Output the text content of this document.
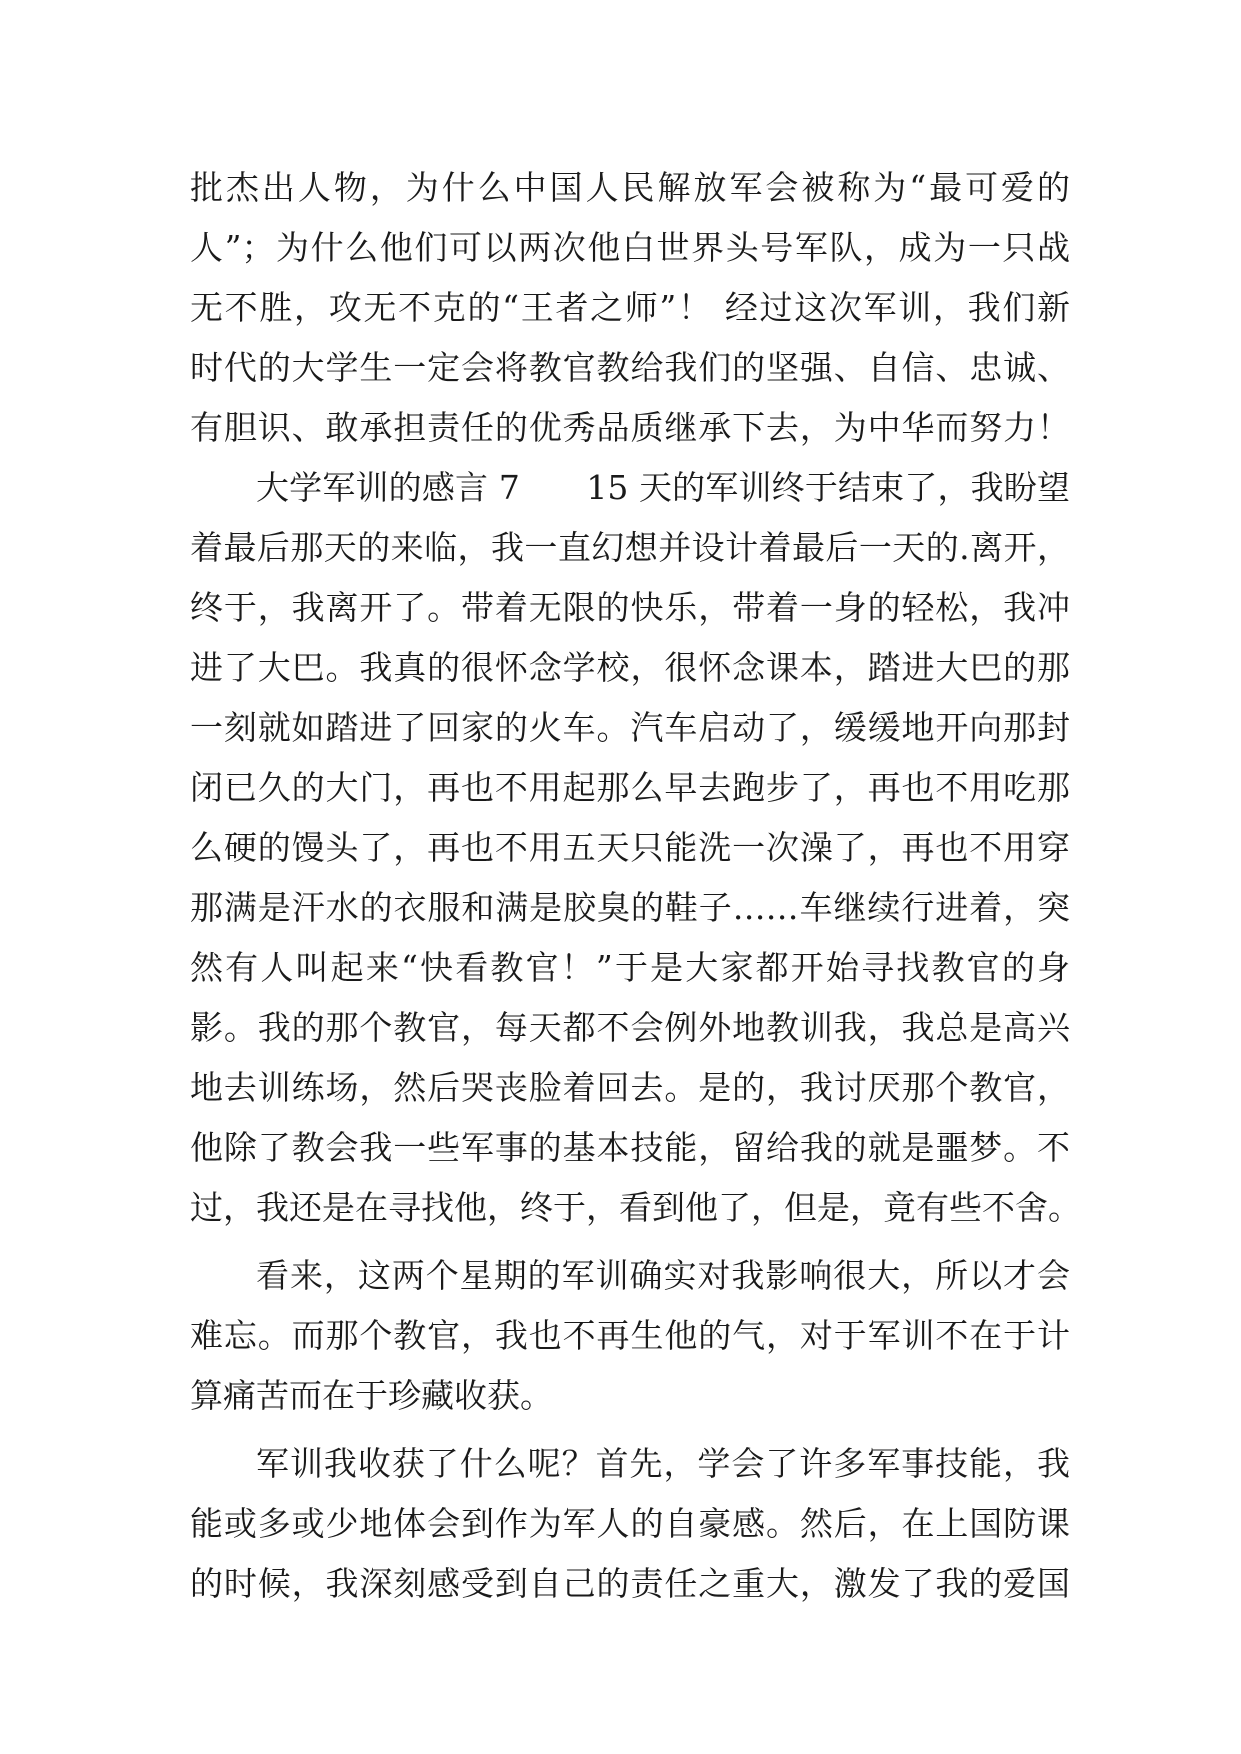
批杰出人物，为什么中国人民解放军会被称为“最可爱的
人”；为什么他们可以两次他白世界头号军队，成为一只战
无不胜，攻无不克的“王者之师”！ 经过这次军训，我们新
时代的大学生一定会将教官教给我们的坚强、自信、忠诚、
有胆识、敢承担责任的优秀品质继承下去，为中华而努力！
大学军训的感言 7　　15 天的军训终于结束了，我盼望
着最后那天的来临，我一直幻想并设计着最后一天的.离开，
终于，我离开了。带着无限的快乐，带着一身的轻松，我冲
进了大巴。我真的很怀念学校，很怀念课本，踏进大巴的那
一刻就如踏进了回家的火车。汽车启动了，缓缓地开向那封
闭已久的大门，再也不用起那么早去跑步了，再也不用吃那
么硬的馒头了，再也不用五天只能洗一次澡了，再也不用穿
那满是汗水的衣服和满是胶臭的鞋子……车继续行进着，突
然有人叫起来“快看教官！”于是大家都开始寻找教官的身
影。我的那个教官，每天都不会例外地教训我，我总是高兴
地去训练场，然后哭丧脸着回去。是的，我讨厌那个教官，
他除了教会我一些军事的基本技能，留给我的就是噩梦。不
过，我还是在寻找他，终于，看到他了，但是，竟有些不舍。
看来，这两个星期的军训确实对我影响很大，所以才会
难忘。而那个教官，我也不再生他的气，对于军训不在于计
算痛苦而在于珍藏收获。
军训我收获了什么呢？首先，学会了许多军事技能，我
能或多或少地体会到作为军人的自豪感。然后，在上国防课
的时候，我深刻感受到自己的责任之重大，激发了我的爱国
